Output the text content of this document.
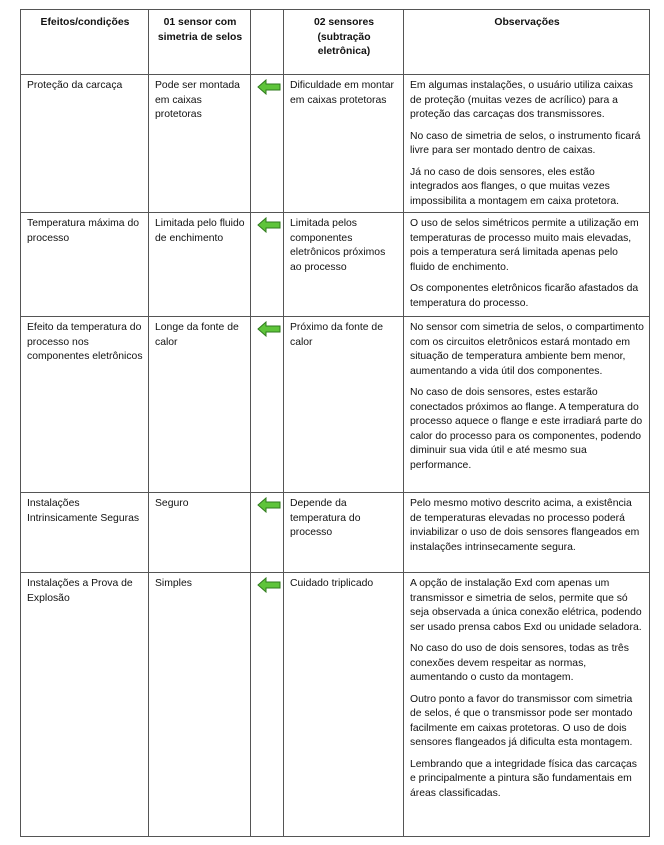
Efeitos/condições	01 sensor com simetria de selos		02 sensores (subtração eletrônica)	Observações
Proteção da carcaça	Pode ser montada em caixas protetoras		Dificuldade em montar em caixas protetoras	Em algumas instalações, o usuário utiliza caixas de proteção (muitas vezes de acrílico) para a proteção das carcaças dos transmissores.

No caso de simetria de selos, o instrumento ficará livre para ser montado dentro de caixas.

Já no caso de dois sensores, eles estão integrados aos flanges, o que muitas vezes impossibilita a montagem em caixa protetora.

Temperatura máxima do processo	Limitada pelo fluido de enchimento		Limitada pelos componentes eletrônicos próximos ao processo	O uso de selos simétricos permite a utilização em temperaturas de processo muito mais elevadas, pois a temperatura será limitada apenas pelo fluido de enchimento.

Os componentes eletrônicos ficarão afastados da temperatura do processo.

Efeito da temperatura do processo nos componentes eletrônicos	Longe da fonte de calor		Próximo da fonte de calor	No sensor com simetria de selos, o compartimento com os circuitos eletrônicos estará montado em situação de temperatura ambiente bem menor, aumentando a vida útil dos componentes.

No caso de dois sensores, estes estarão conectados próximos ao flange. A temperatura do processo aquece o flange e este irradiará parte do calor do processo para os componentes, podendo diminuir sua vida útil e até mesmo sua performance.

Instalações Intrinsicamente Seguras	Seguro		Depende da temperatura do processo	Pelo mesmo motivo descrito acima, a existência de temperaturas elevadas no processo poderá inviabilizar o uso de dois sensores flangeados em instalações intrinsecamente segura.

Instalações a Prova de Explosão	Simples		Cuidado triplicado	A opção de instalação Exd com apenas um transmissor e simetria de selos, permite que só seja observada a única conexão elétrica, podendo ser usado prensa cabos Exd ou unidade seladora.

No caso do uso de dois sensores, todas as três conexões devem respeitar as normas, aumentando o custo da montagem.

Outro ponto a favor do transmissor com simetria de selos, é que o transmissor pode ser montado facilmente em caixas protetoras. O uso de dois sensores flangeados já dificulta esta montagem.

Lembrando que a integridade física das carcaças e principalmente a pintura são fundamentais em áreas classificadas.
